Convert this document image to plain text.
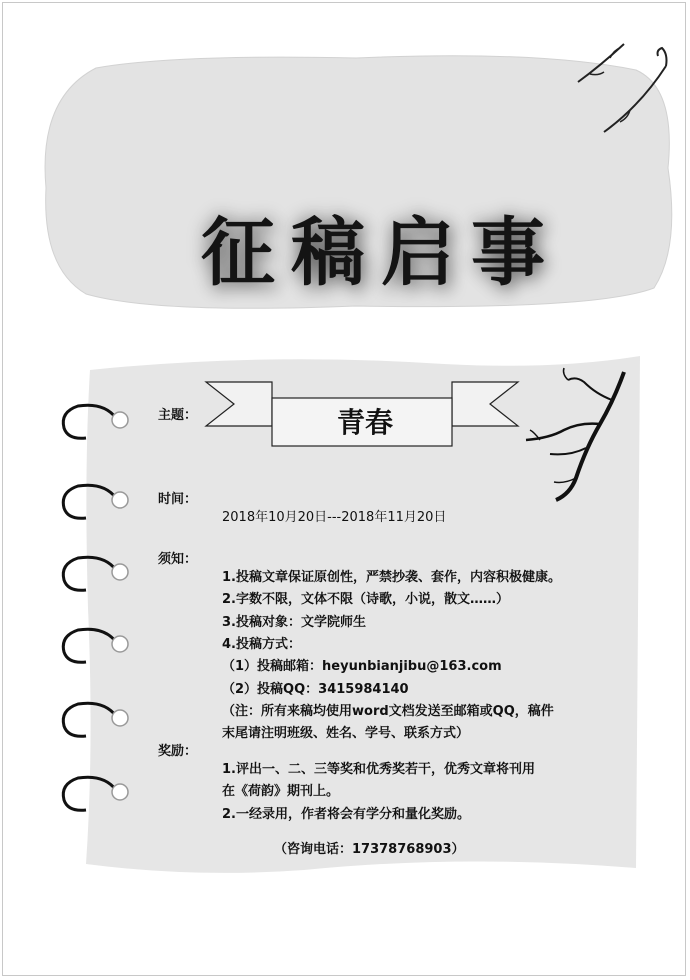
征稿启事
青春
主题：
时间：
须知：
奖励：
2018年10月20日---2018年11月20日
1.投稿文章保证原创性，严禁抄袭、套作，内容积极健康。
2.字数不限，文体不限（诗歌，小说，散文……）
3.投稿对象：文学院师生
4.投稿方式：
（1）投稿邮箱：heyunbianjibu@163.com
（2）投稿QQ：3415984140
（注：所有来稿均使用word文档发送至邮箱或QQ，稿件
末尾请注明班级、姓名、学号、联系方式）
1.评出一、二、三等奖和优秀奖若干，优秀文章将刊用
在《荷韵》期刊上。
2.一经录用，作者将会有学分和量化奖励。
（咨询电话：17378768903）
